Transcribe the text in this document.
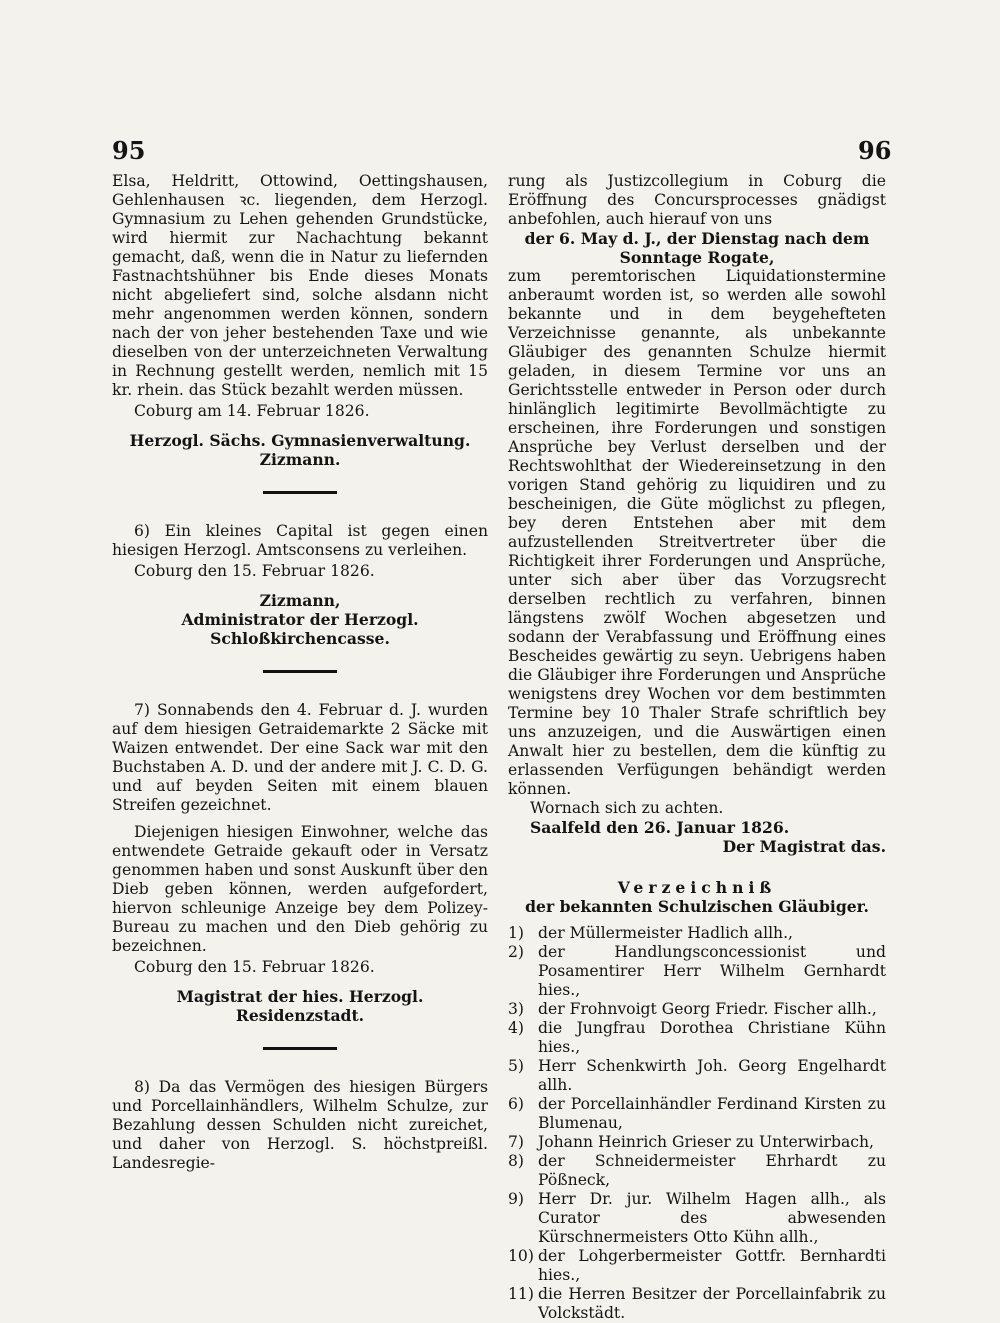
95	96

Elsa, Heldritt, Ottowind, Oettingshausen, Gehlenhausen ꝛc. liegenden, dem Herzogl. Gymnasium zu Lehen gehenden Grundstücke, wird hiermit zur Nachachtung bekannt gemacht, daß, wenn die in Natur zu liefernden Fastnachtshühner bis Ende dieses Monats nicht abgeliefert sind, solche alsdann nicht mehr angenommen werden können, sondern nach der von jeher bestehenden Taxe und wie dieselben von der unterzeichneten Verwaltung in Rechnung gestellt werden, nemlich mit 15 kr. rhein. das Stück bezahlt werden müssen.

Coburg am 14. Februar 1826.

Herzogl. Sächs. Gymnasienverwaltung.

Zizmann.

6) Ein kleines Capital ist gegen einen hiesigen Herzogl. Amtsconsens zu verleihen.

Coburg den 15. Februar 1826.

Zizmann,

Administrator der Herzogl. Schloßkirchencasse.

7) Sonnabends den 4. Februar d. J. wurden auf dem hiesigen Getraidemarkte 2 Säcke mit Waizen entwendet. Der eine Sack war mit den Buchstaben A. D. und der andere mit J. C. D. G. und auf beyden Seiten mit einem blauen Streifen gezeichnet.

Diejenigen hiesigen Einwohner, welche das entwendete Getraide gekauft oder in Versatz genommen haben und sonst Auskunft über den Dieb geben können, werden aufgefordert, hiervon schleunige Anzeige bey dem Polizey-Bureau zu machen und den Dieb gehörig zu bezeichnen.

Coburg den 15. Februar 1826.

Magistrat der hies. Herzogl. Residenzstadt.

8) Da das Vermögen des hiesigen Bürgers und Porcellainhändlers, Wilhelm Schulze, zur Bezahlung dessen Schulden nicht zureichet, und daher von Herzogl. S. höchstpreißl. Landesregie-

rung als Justizcollegium in Coburg die Eröffnung des Concursprocesses gnädigst anbefohlen, auch hierauf von uns

der 6. May d. J., der Dienstag nach dem Sonntage Rogate,

zum peremtorischen Liquidationstermine anberaumt worden ist, so werden alle sowohl bekannte und in dem beygehefteten Verzeichnisse genannte, als unbekannte Gläubiger des genannten Schulze hiermit geladen, in diesem Termine vor uns an Gerichtsstelle entweder in Person oder durch hinlänglich legitimirte Bevollmächtigte zu erscheinen, ihre Forderungen und sonstigen Ansprüche bey Verlust derselben und der Rechtswohlthat der Wiedereinsetzung in den vorigen Stand gehörig zu liquidiren und zu bescheinigen, die Güte möglichst zu pflegen, bey deren Entstehen aber mit dem aufzustellenden Streitvertreter über die Richtigkeit ihrer Forderungen und Ansprüche, unter sich aber über das Vorzugsrecht derselben rechtlich zu verfahren, binnen längstens zwölf Wochen abgesetzen und sodann der Verabfassung und Eröffnung eines Bescheides gewärtig zu seyn. Uebrigens haben die Gläubiger ihre Forderungen und Ansprüche wenigstens drey Wochen vor dem bestimmten Termine bey 10 Thaler Strafe schriftlich bey uns anzuzeigen, und die Auswärtigen einen Anwalt hier zu bestellen, dem die künftig zu erlassenden Verfügungen behändigt werden können.

Wornach sich zu achten.

Saalfeld den 26. Januar 1826.

Der Magistrat das.

Verzeichniß

der bekannten Schulzischen Gläubiger.

1) der Müllermeister Hadlich allh.,
2) der Handlungsconcessionist und Posamentirer Herr Wilhelm Gernhardt hies.,
3) der Frohnvoigt Georg Friedr. Fischer allh.,
4) die Jungfrau Dorothea Christiane Kühn hies.,
5) Herr Schenkwirth Joh. Georg Engelhardt allh.
6) der Porcellainhändler Ferdinand Kirsten zu Blumenau,
7) Johann Heinrich Grieser zu Unterwirbach,
8) der Schneidermeister Ehrhardt zu Pößneck,
9) Herr Dr. jur. Wilhelm Hagen allh., als Curator des abwesenden Kürschnermeisters Otto Kühn allh.,
10) der Lohgerbermeister Gottfr. Bernhardti hies.,
11) die Herren Besitzer der Porcellainfabrik zu Volckstädt.
